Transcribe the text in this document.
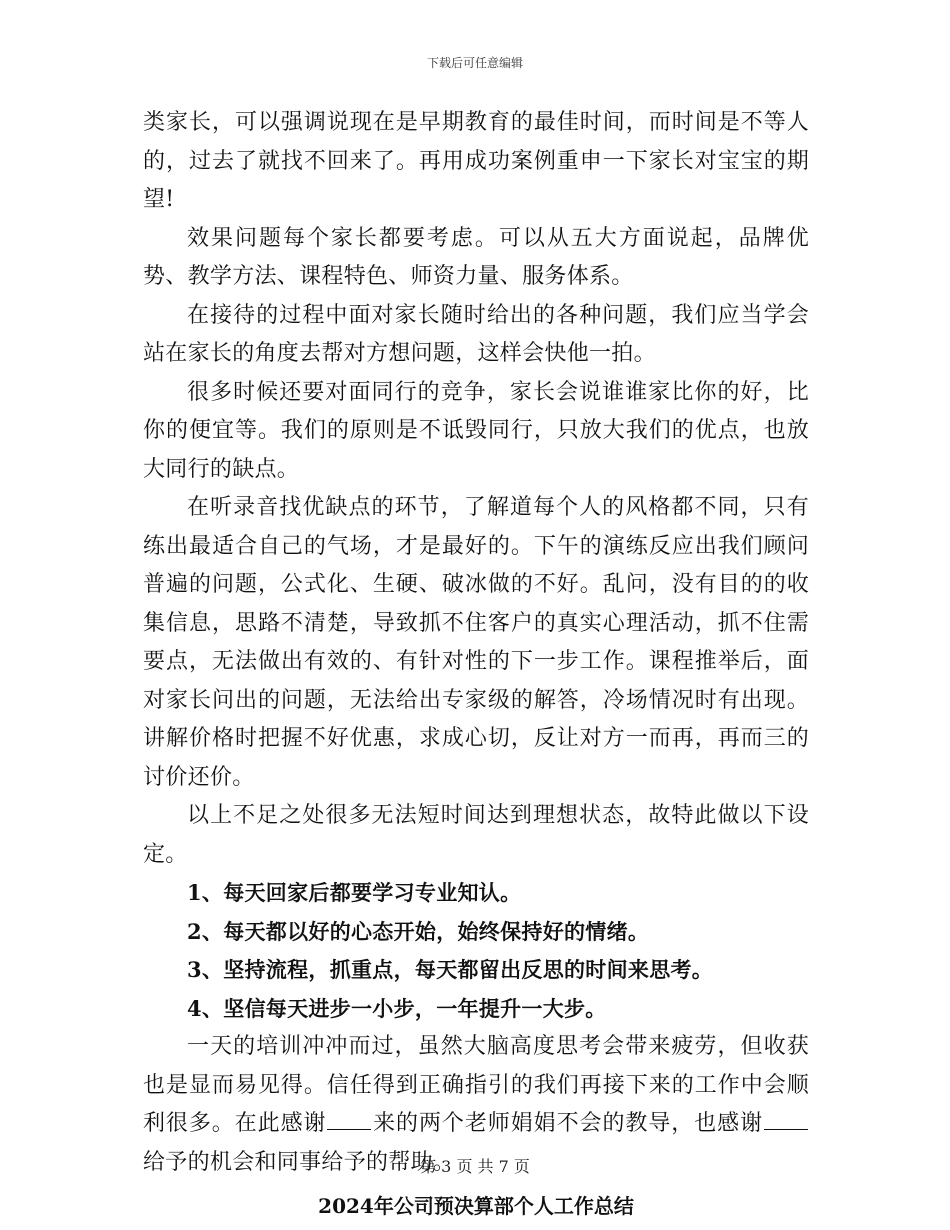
下载后可任意编辑

类家长，可以强调说现在是早期教育的最佳时间，而时间是不等人的，过去了就找不回来了。再用成功案例重申一下家长对宝宝的期望!

效果问题每个家长都要考虑。可以从五大方面说起，品牌优势、教学方法、课程特色、师资力量、服务体系。

在接待的过程中面对家长随时给出的各种问题，我们应当学会站在家长的角度去帮对方想问题，这样会快他一拍。

很多时候还要对面同行的竞争，家长会说谁谁家比你的好，比你的便宜等。我们的原则是不诋毁同行，只放大我们的优点，也放大同行的缺点。

在听录音找优缺点的环节，了解道每个人的风格都不同，只有练出最适合自己的气场，才是最好的。下午的演练反应出我们顾问普遍的问题，公式化、生硬、破冰做的不好。乱问，没有目的的收集信息，思路不清楚，导致抓不住客户的真实心理活动，抓不住需要点，无法做出有效的、有针对性的下一步工作。课程推举后，面对家长问出的问题，无法给出专家级的解答，冷场情况时有出现。讲解价格时把握不好优惠，求成心切，反让对方一而再，再而三的讨价还价。

以上不足之处很多无法短时间达到理想状态，故特此做以下设定。

1、每天回家后都要学习专业知认。

2、每天都以好的心态开始，始终保持好的情绪。

3、坚持流程，抓重点，每天都留出反思的时间来思考。

4、坚信每天进步一小步，一年提升一大步。

一天的培训冲冲而过，虽然大脑高度思考会带来疲劳，但收获也是显而易见得。信任得到正确指引的我们再接下来的工作中会顺利很多。在此感谢 来的两个老师娟娟不会的教导，也感谢给予的机会和同事给予的帮助。

2024年公司预决算部个人工作总结

第 3 页 共 7 页
